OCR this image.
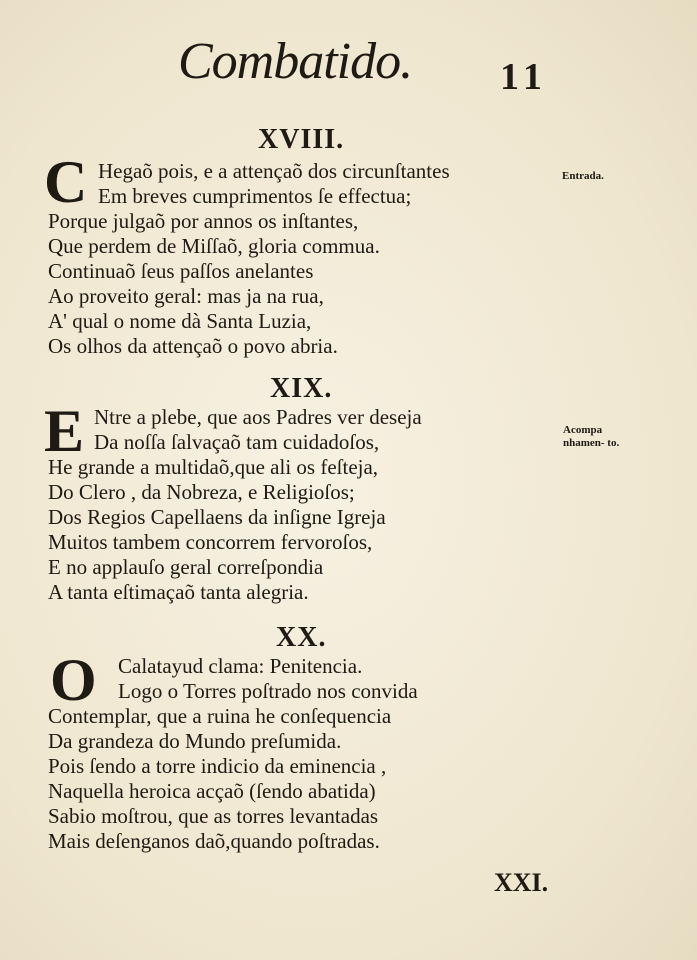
Combatido. 11
XVIII.
C Hegaõ pois, e a attençaõ dos circunſtantes
Em breves cumprimentos ſe effectua;
Porque julgaõ por annos os inſtantes,
Que perdem de Miſſaõ, gloria commua.
Continuaõ ſeus paſſos anelantes
Ao proveito geral: mas ja na rua,
A' qual o nome dà Santa Luzia,
Os olhos da attençaõ o povo abria.
Entrada.
XIX.
E Ntre a plebe, que aos Padres ver deseja
Da noſſa ſalvaçaõ tam cuidadoſos,
He grande a multidaõ,que ali os feſteja,
Do Clero , da Nobreza, e Religioſos;
Dos Regios Capellaens da inſigne Igreja
Muitos tambem concorrem fervoroſos,
E no applauſo geral correſpondia
A tanta eſtimaçaõ tanta alegria.
Acompa nhamen- to.
XX.
O Calatayud clama: Penitencia.
Logo o Torres poſtrado nos convida
Contemplar, que a ruina he conſequencia
Da grandeza do Mundo preſumida.
Pois ſendo a torre indicio da eminencia ,
Naquella heroica acçaõ (ſendo abatida)
Sabio moſtrou, que as torres levantadas
Mais deſenganos daõ,quando poſtradas.
XXI.
